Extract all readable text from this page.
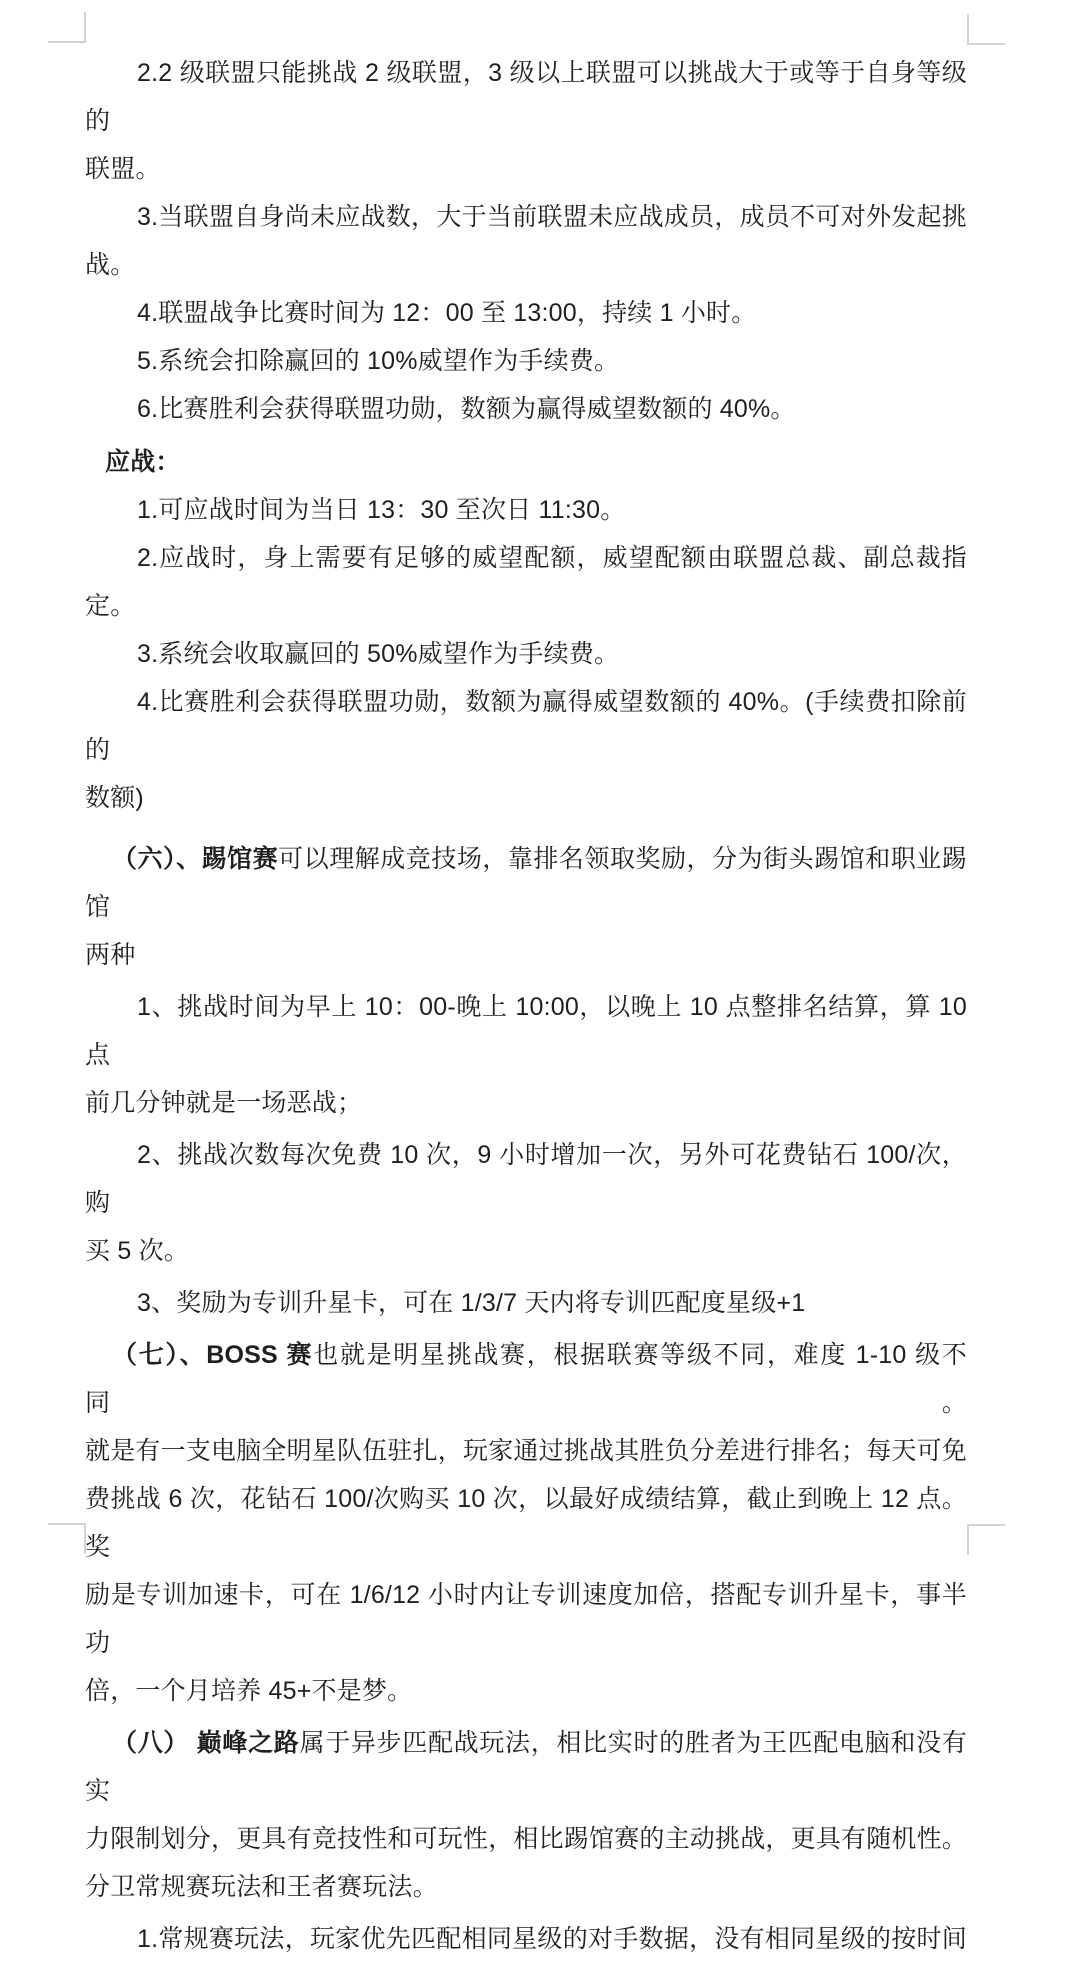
2.2 级联盟只能挑战 2 级联盟，3 级以上联盟可以挑战大于或等于自身等级的
联盟。
3.当联盟自身尚未应战数，大于当前联盟未应战成员，成员不可对外发起挑
战。
4.联盟战争比赛时间为 12：00 至 13:00，持续 1 小时。
5.系统会扣除赢回的 10%威望作为手续费。
6.比赛胜利会获得联盟功勋，数额为赢得威望数额的 40%。
应战：
1.可应战时间为当日 13：30 至次日 11:30。
2.应战时，身上需要有足够的威望配额，威望配额由联盟总裁、副总裁指定。
3.系统会收取赢回的 50%威望作为手续费。
4.比赛胜利会获得联盟功勋，数额为赢得威望数额的 40%。(手续费扣除前的
数额)
（六）、踢馆赛可以理解成竞技场，靠排名领取奖励，分为街头踢馆和职业踢馆
两种
1、挑战时间为早上 10：00-晚上 10:00，以晚上 10 点整排名结算，算 10 点
前几分钟就是一场恶战；
2、挑战次数每次免费 10 次，9 小时增加一次，另外可花费钻石 100/次，购
买 5 次。
3、奖励为专训升星卡，可在 1/3/7 天内将专训匹配度星级+1
（七）、BOSS 赛也就是明星挑战赛，根据联赛等级不同，难度 1-10 级不同。
就是有一支电脑全明星队伍驻扎，玩家通过挑战其胜负分差进行排名；每天可免
费挑战 6 次，花钻石 100/次购买 10 次，以最好成绩结算，截止到晚上 12 点。奖
励是专训加速卡，可在 1/6/12 小时内让专训速度加倍，搭配专训升星卡，事半功
倍，一个月培养 45+不是梦。
（八） 巅峰之路属于异步匹配战玩法，相比实时的胜者为王匹配电脑和没有实
力限制划分，更具有竞技性和可玩性，相比踢馆赛的主动挑战，更具有随机性。
分卫常规赛玩法和王者赛玩法。
1.常规赛玩法，玩家优先匹配相同星级的对手数据，没有相同星级的按时间
